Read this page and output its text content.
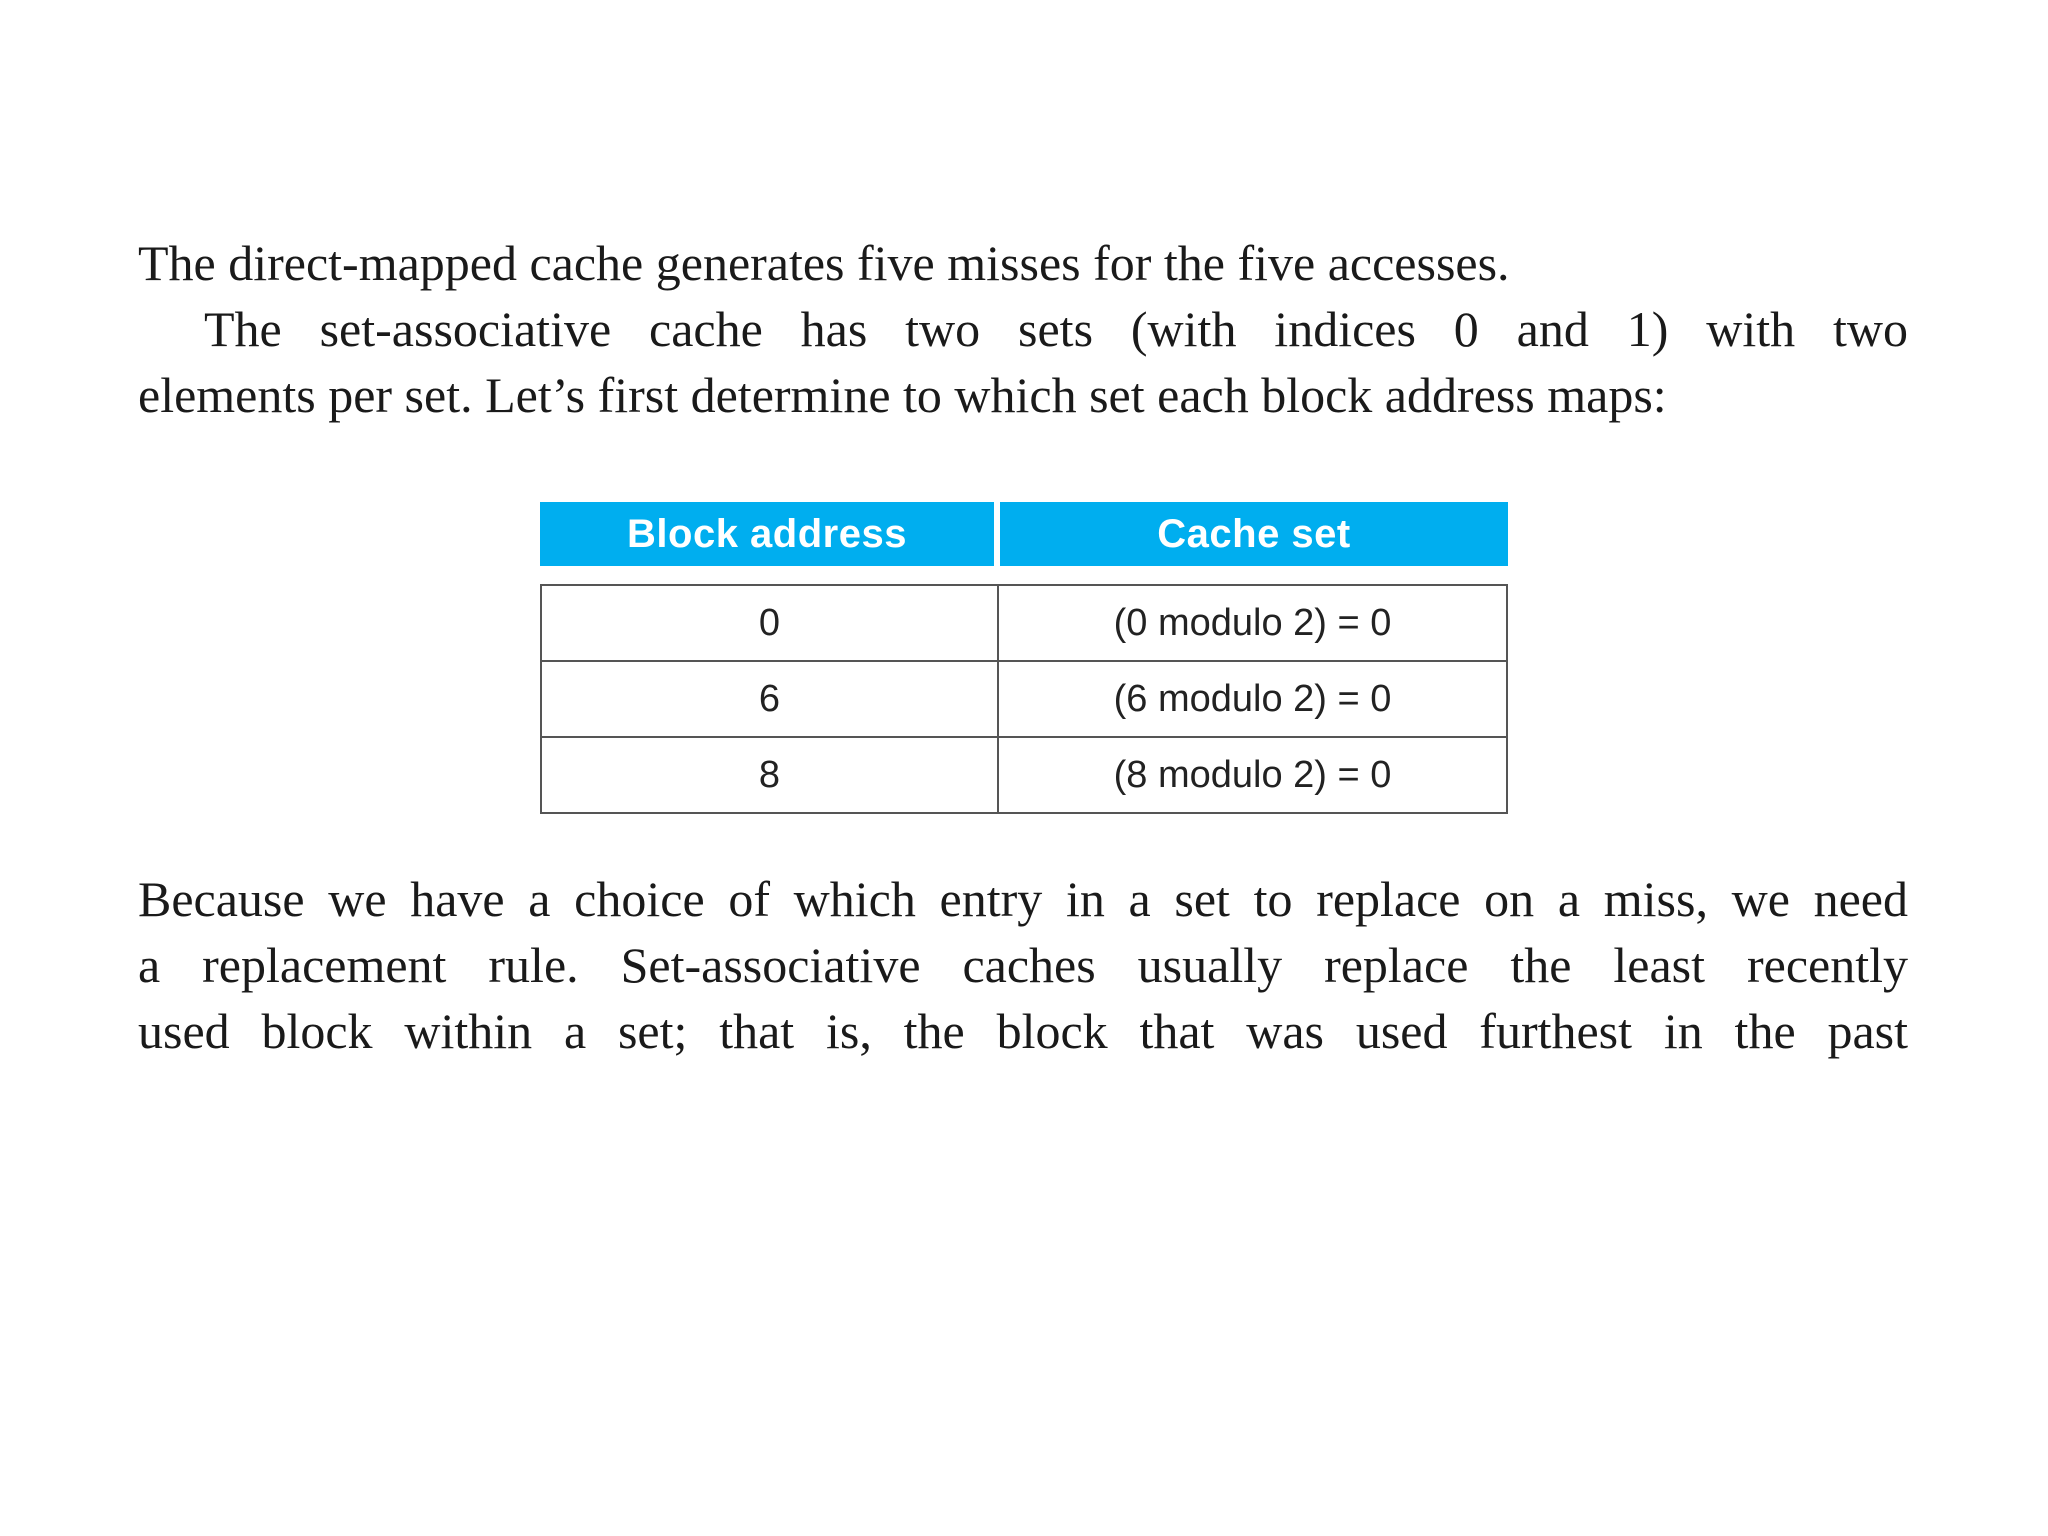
The direct-mapped cache generates five misses for the five accesses.
The set-associative cache has two sets (with indices 0 and 1) with two
elements per set. Let’s first determine to which set each block address maps:
Block address	Cache set
0	(0 modulo 2) = 0
6	(6 modulo 2) = 0
8	(8 modulo 2) = 0
Because we have a choice of which entry in a set to replace on a miss, we need
a replacement rule. Set-associative caches usually replace the least recently
used block within a set; that is, the block that was used furthest in the past
